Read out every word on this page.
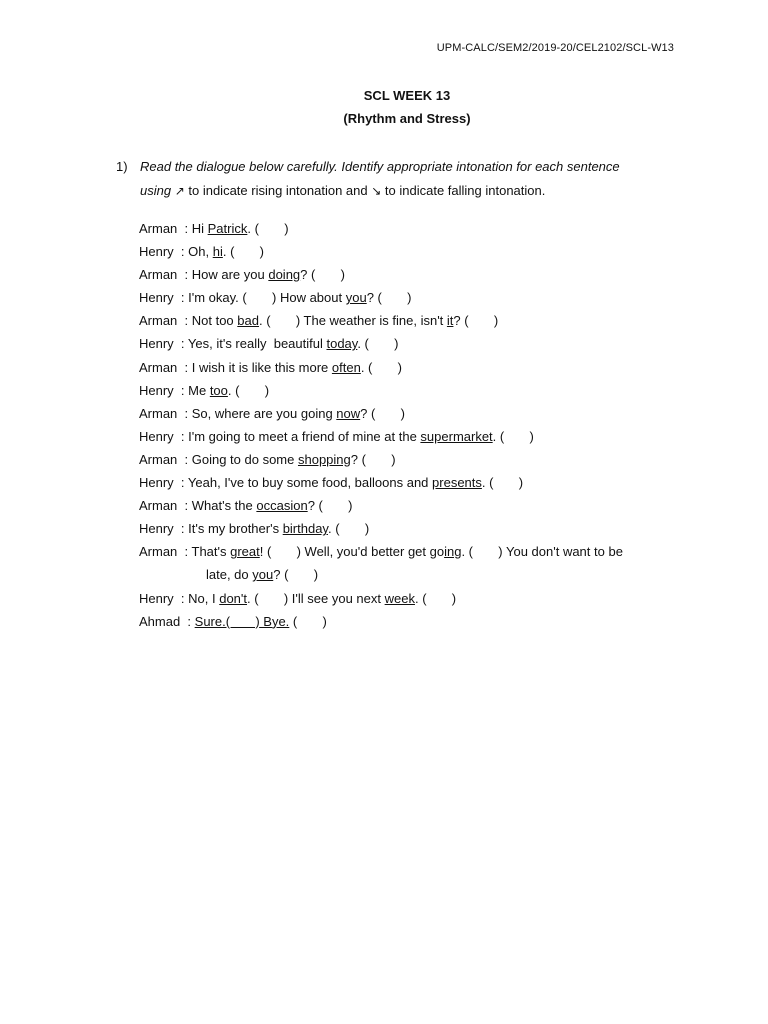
UPM-CALC/SEM2/2019-20/CEL2102/SCL-W13
SCL WEEK 13
(Rhythm and Stress)
1) Read the dialogue below carefully. Identify appropriate intonation for each sentence
using ↗ to indicate rising intonation and ↘ to indicate falling intonation.
Arman  : Hi Patrick. (       )
Henry  : Oh, hi. (       )
Arman  : How are you doing? (       )
Henry  : I'm okay. (       ) How about you? (       )
Arman  : Not too bad. (       ) The weather is fine, isn't it? (       )
Henry  : Yes, it's really  beautiful today. (       )
Arman  : I wish it is like this more often. (       )
Henry  : Me too. (       )
Arman  : So, where are you going now? (       )
Henry  : I'm going to meet a friend of mine at the supermarket. (       )
Arman  : Going to do some shopping? (       )
Henry  : Yeah, I've to buy some food, balloons and presents. (       )
Arman  : What's the occasion? (       )
Henry  : It's my brother's birthday. (       )
Arman  : That's great! (       ) Well, you'd better get going. (       ) You don't want to be
late, do you? (       )
Henry  : No, I don't. (       ) I'll see you next week. (       )
Ahmad  : Sure.(       ) Bye. (       )
